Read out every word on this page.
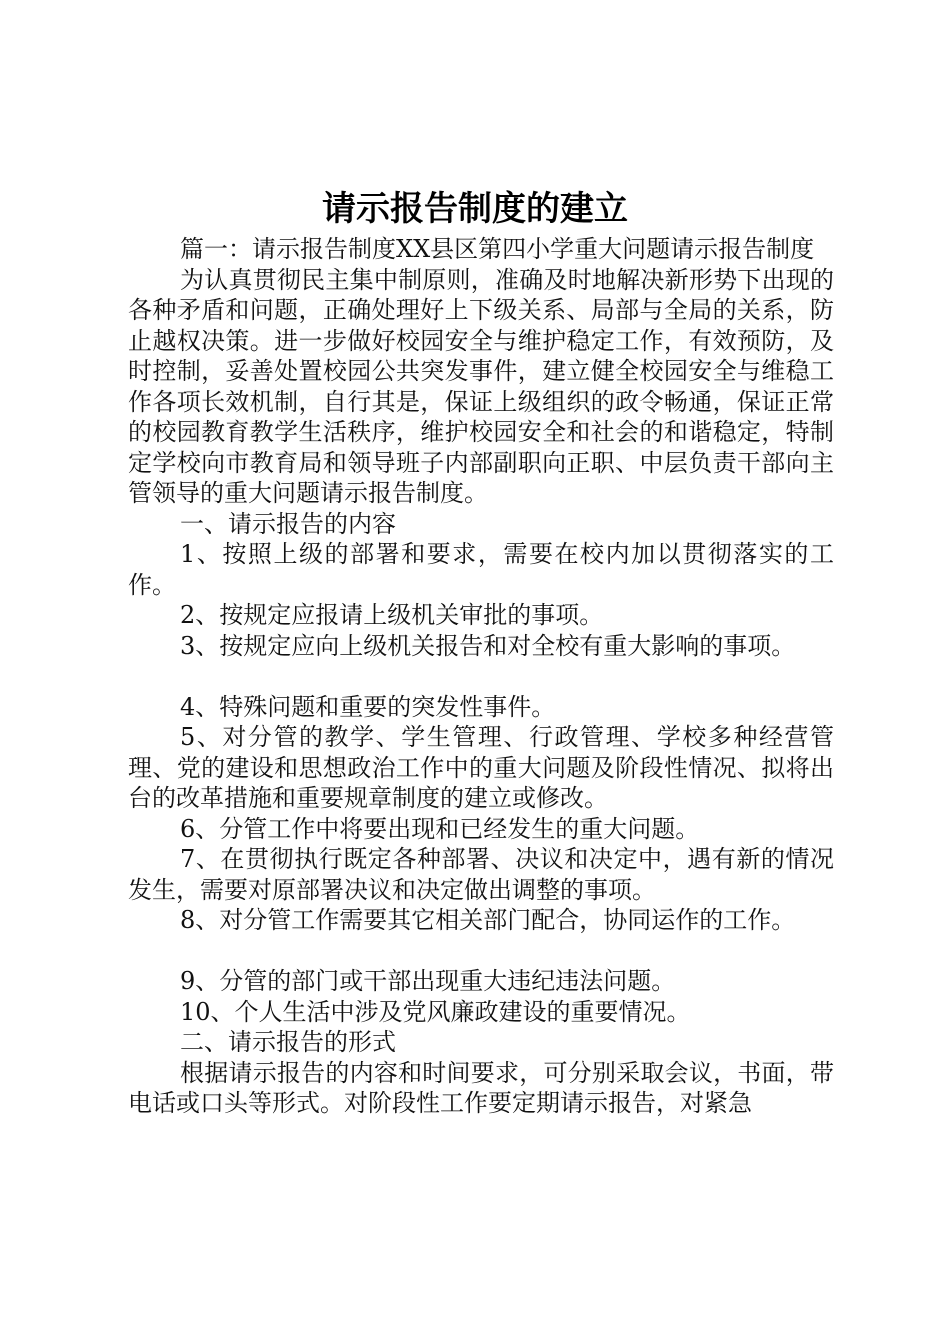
请示报告制度的建立

篇一：请示报告制度XX县区第四小学重大问题请示报告制度

为认真贯彻民主集中制原则，准确及时地解决新形势下出现的各种矛盾和问题，正确处理好上下级关系、局部与全局的关系，防止越权决策。进一步做好校园安全与维护稳定工作，有效预防，及时控制，妥善处置校园公共突发事件，建立健全校园安全与维稳工作各项长效机制，自行其是，保证上级组织的政令畅通，保证正常的校园教育教学生活秩序，维护校园安全和社会的和谐稳定，特制定学校向市教育局和领导班子内部副职向正职、中层负责干部向主管领导的重大问题请示报告制度。

一、请示报告的内容

1、按照上级的部署和要求，需要在校内加以贯彻落实的工作。

2、按规定应报请上级机关审批的事项。

3、按规定应向上级机关报告和对全校有重大影响的事项。

4、特殊问题和重要的突发性事件。

5、对分管的教学、学生管理、行政管理、学校多种经营管理、党的建设和思想政治工作中的重大问题及阶段性情况、拟将出台的改革措施和重要规章制度的建立或修改。

6、分管工作中将要出现和已经发生的重大问题。

7、在贯彻执行既定各种部署、决议和决定中，遇有新的情况发生，需要对原部署决议和决定做出调整的事项。

8、对分管工作需要其它相关部门配合，协同运作的工作。

9、分管的部门或干部出现重大违纪违法问题。

10、个人生活中涉及党风廉政建设的重要情况。

二、请示报告的形式

根据请示报告的内容和时间要求，可分别采取会议，书面，带电话或口头等形式。对阶段性工作要定期请示报告，对紧急
